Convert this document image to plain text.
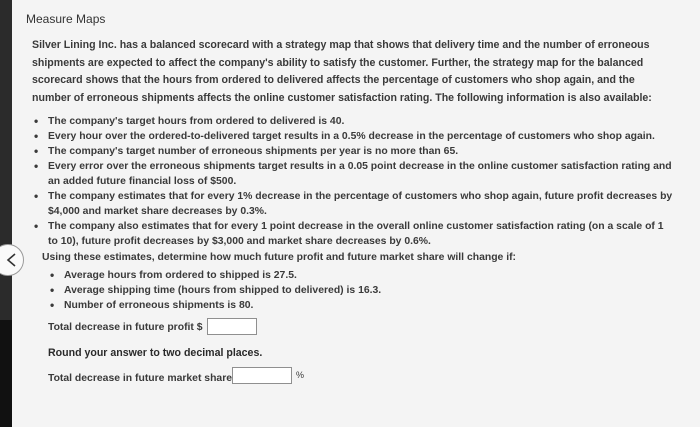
Measure Maps
Silver Lining Inc. has a balanced scorecard with a strategy map that shows that delivery time and the number of erroneous shipments are expected to affect the company's ability to satisfy the customer. Further, the strategy map for the balanced scorecard shows that the hours from ordered to delivered affects the percentage of customers who shop again, and the number of erroneous shipments affects the online customer satisfaction rating. The following information is also available:
• The company's target hours from ordered to delivered is 40.
• Every hour over the ordered-to-delivered target results in a 0.5% decrease in the percentage of customers who shop again.
• The company's target number of erroneous shipments per year is no more than 65.
• Every error over the erroneous shipments target results in a 0.05 point decrease in the online customer satisfaction rating and an added future financial loss of $500.
• The company estimates that for every 1% decrease in the percentage of customers who shop again, future profit decreases by $4,000 and market share decreases by 0.3%.
• The company also estimates that for every 1 point decrease in the overall online customer satisfaction rating (on a scale of 1 to 10), future profit decreases by $3,000 and market share decreases by 0.6%.
Using these estimates, determine how much future profit and future market share will change if:
• Average hours from ordered to shipped is 27.5.
• Average shipping time (hours from shipped to delivered) is 16.3.
• Number of erroneous shipments is 80.
Total decrease in future profit $
Round your answer to two decimal places.
Total decrease in future market share	%
